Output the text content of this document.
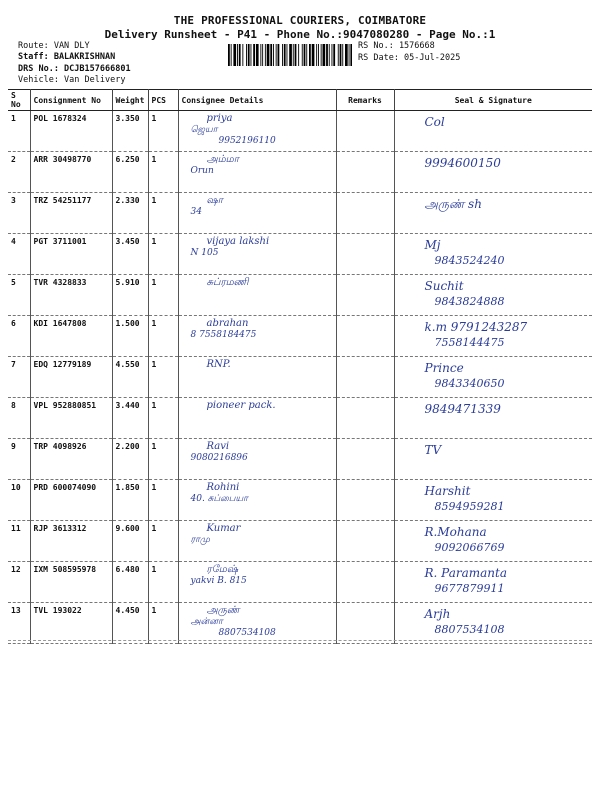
THE PROFESSIONAL COURIERS, COIMBATORE
Delivery Runsheet - P41 - Phone No.:9047080280 - Page No.:1
Route: VAN DLY
Staff: BALAKRISHNAN
DRS No.: DCJB157666801
Vehicle: Van Delivery
RS No.: 1576668
RS Date: 05-Jul-2025
S No	Consignment No	Weight	PCS	Consignee Details	Remarks	Seal & Signature
1	POL 1678324	3.350	1	priya
ஜெயா
9952196110		Col

2	ARR 30498770	6.250	1	அம்மா
Orun		9994600150

3	TRZ 54251177	2.330	1	ஷா
34		அருண் sh

4	PGT 3711001	3.450	1	vijaya lakshi
N 105		Mj
9843524240

5	TVR 4328833	5.910	1	சுப்ரமணி		Suchit
9843824888

6	KDI 1647808	1.500	1	abrahan
8 7558184475		k.m 9791243287
7558144475

7	EDQ 12779189	4.550	1	RNP.		Prince
9843340650

8	VPL 952880851	3.440	1	pioneer pack.		9849471339

9	TRP 4098926	2.200	1	Ravi
9080216896		TV

10	PRD 600074090	1.850	1	Rohini
40. சுப்பையா		Harshit
8594959281

11	RJP 3613312	9.600	1	Kumar
ராமு		R.Mohana
9092066769

12	IXM 508595978	6.480	1	ரமேஷ்
yakvi B. 815		R. Paramanta
9677879911

13	TVL 193022	4.450	1	அருண்
அன்னா
8807534108		Arjh
8807534108
